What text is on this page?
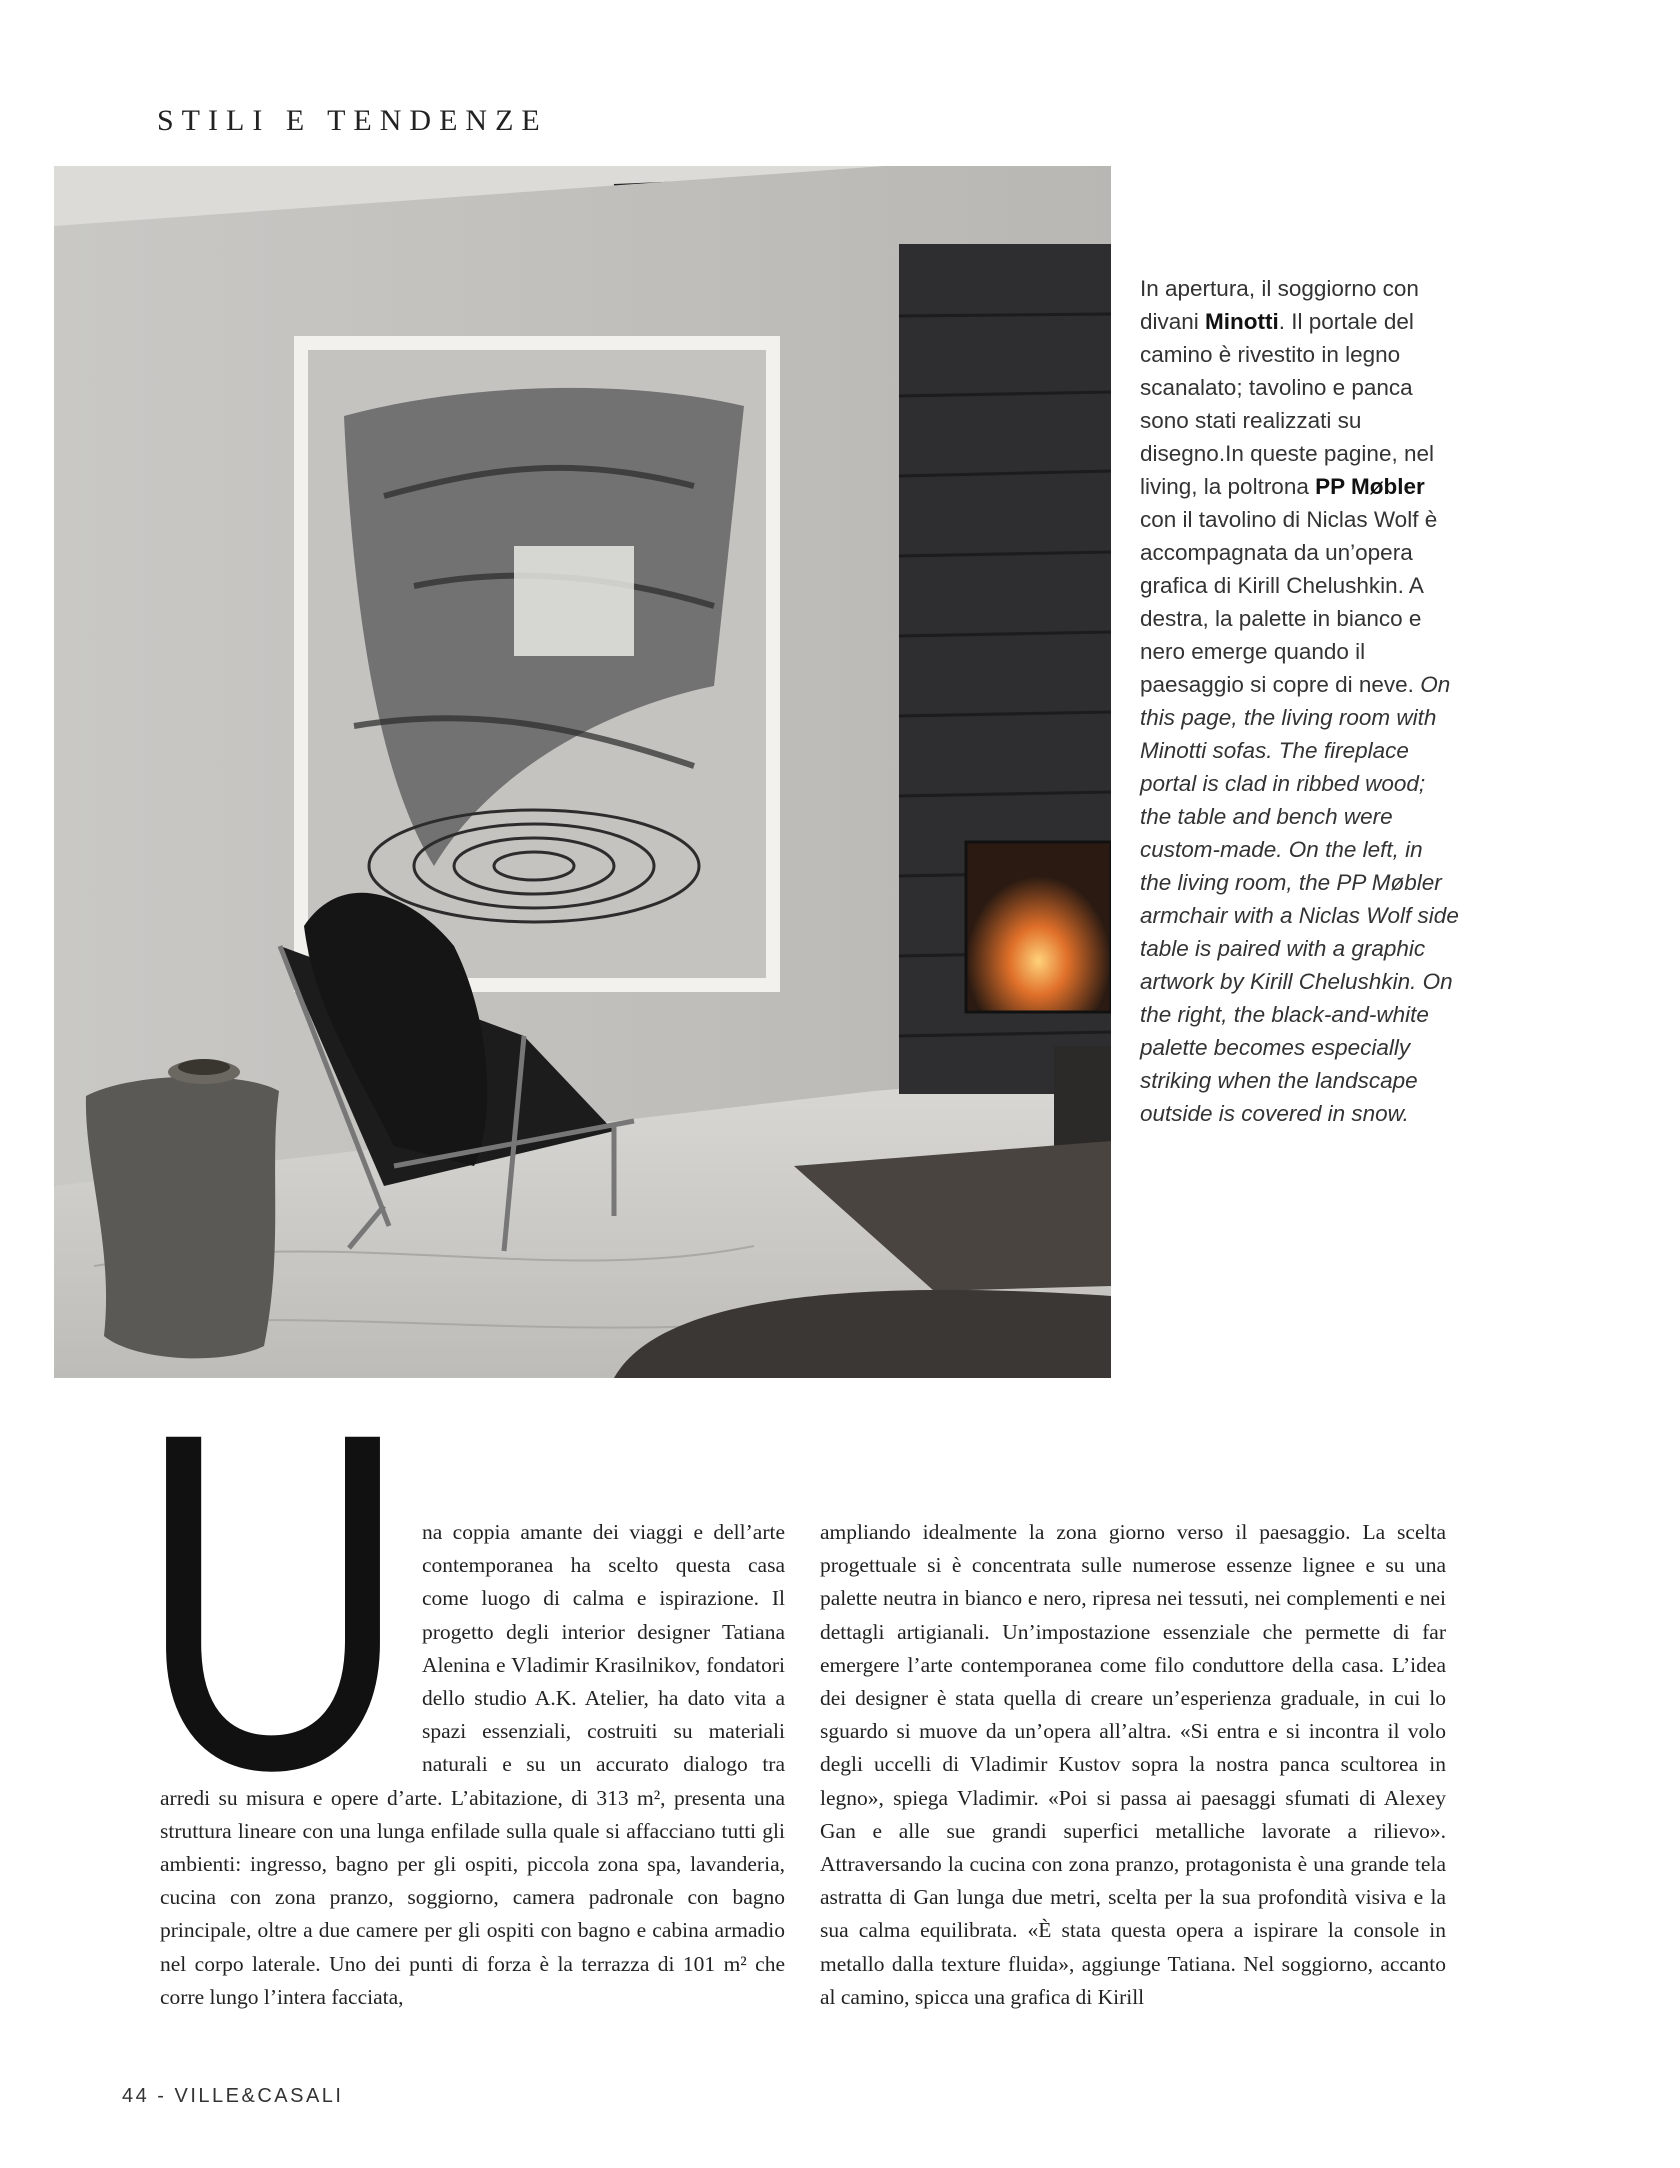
STILI E TENDENZE
In apertura, il soggiorno con divani Minotti. Il portale del camino è rivestito in legno scanalato; tavolino e panca sono stati realizzati su disegno.In queste pagine, nel living, la poltrona PP Møbler con il tavolino di Niclas Wolf è accompagnata da un’opera grafica di Kirill Chelushkin. A destra, la palette in bianco e nero emerge quando il paesaggio si copre di neve. On this page, the living room with Minotti sofas. The fireplace portal is clad in ribbed wood; the table and bench were custom-made. On the left, in the living room, the PP Møbler armchair with a Niclas Wolf side table is paired with a graphic artwork by Kirill Chelushkin. On the right, the black-and-white palette becomes especially striking when the landscape outside is covered in snow.
U na coppia amante dei viaggi e dell’arte contemporanea ha scelto questa casa come luogo di calma e ispirazione. Il progetto degli interior designer Tatiana Alenina e Vladimir Krasilnikov, fondatori dello studio A.K. Atelier, ha dato vita a spazi essenziali, costruiti su materiali naturali e su un accurato dialogo tra arredi su misura e opere d’arte. L’abitazione, di 313 m², presenta una struttura lineare con una lunga enfilade sulla quale si affacciano tutti gli ambienti: ingresso, bagno per gli ospiti, piccola zona spa, lavanderia, cucina con zona pranzo, soggiorno, camera padronale con bagno principale, oltre a due camere per gli ospiti con bagno e cabina armadio nel corpo laterale. Uno dei punti di forza è la terrazza di 101 m² che corre lungo l’intera facciata,
ampliando idealmente la zona giorno verso il paesaggio. La scelta progettuale si è concentrata sulle numerose essenze lignee e su una palette neutra in bianco e nero, ripresa nei tessuti, nei complementi e nei dettagli artigianali. Un’impostazione essenziale che permette di far emergere l’arte contemporanea come filo conduttore della casa. L’idea dei designer è stata quella di creare un’esperienza graduale, in cui lo sguardo si muove da un’opera all’altra. «Si entra e si incontra il volo degli uccelli di Vladimir Kustov sopra la nostra panca scultorea in legno», spiega Vladimir. «Poi si passa ai paesaggi sfumati di Alexey Gan e alle sue grandi superfici metalliche lavorate a rilievo». Attraversando la cucina con zona pranzo, protagonista è una grande tela astratta di Gan lunga due metri, scelta per la sua profondità visiva e la sua calma equilibrata. «È stata questa opera a ispirare la console in metallo dalla texture fluida», aggiunge Tatiana. Nel soggiorno, accanto al camino, spicca una grafica di Kirill
44 - VILLE&CASALI
